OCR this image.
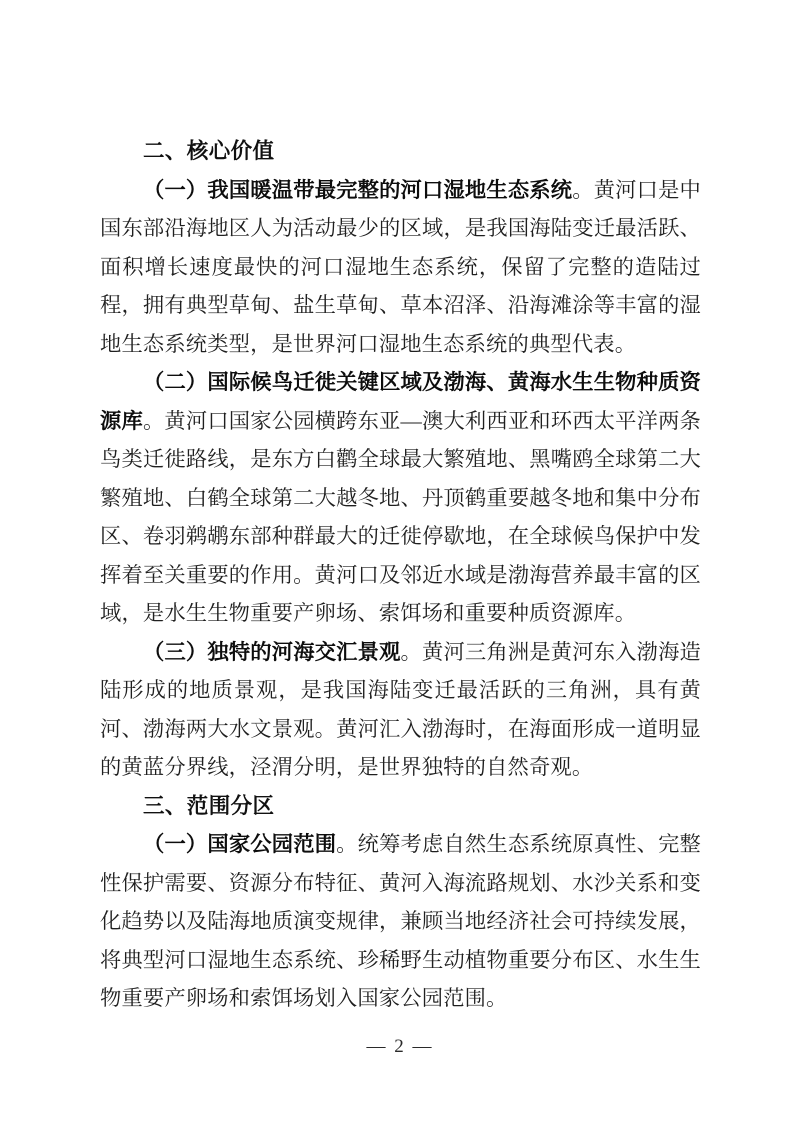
二、核心价值

（一）我国暖温带最完整的河口湿地生态系统。黄河口是中国东部沿海地区人为活动最少的区域，是我国海陆变迁最活跃、面积增长速度最快的河口湿地生态系统，保留了完整的造陆过程，拥有典型草甸、盐生草甸、草本沼泽、沿海滩涂等丰富的湿地生态系统类型，是世界河口湿地生态系统的典型代表。

（二）国际候鸟迁徙关键区域及渤海、黄海水生生物种质资源库。黄河口国家公园横跨东亚—澳大利西亚和环西太平洋两条鸟类迁徙路线，是东方白鹳全球最大繁殖地、黑嘴鸥全球第二大繁殖地、白鹤全球第二大越冬地、丹顶鹤重要越冬地和集中分布区、卷羽鹈鹕东部种群最大的迁徙停歇地，在全球候鸟保护中发挥着至关重要的作用。黄河口及邻近水域是渤海营养最丰富的区域，是水生生物重要产卵场、索饵场和重要种质资源库。

（三）独特的河海交汇景观。黄河三角洲是黄河东入渤海造陆形成的地质景观，是我国海陆变迁最活跃的三角洲，具有黄河、渤海两大水文景观。黄河汇入渤海时，在海面形成一道明显的黄蓝分界线，泾渭分明，是世界独特的自然奇观。

三、范围分区

（一）国家公园范围。统筹考虑自然生态系统原真性、完整性保护需要、资源分布特征、黄河入海流路规划、水沙关系和变化趋势以及陆海地质演变规律，兼顾当地经济社会可持续发展，将典型河口湿地生态系统、珍稀野生动植物重要分布区、水生生物重要产卵场和索饵场划入国家公园范围。

— 2 —
